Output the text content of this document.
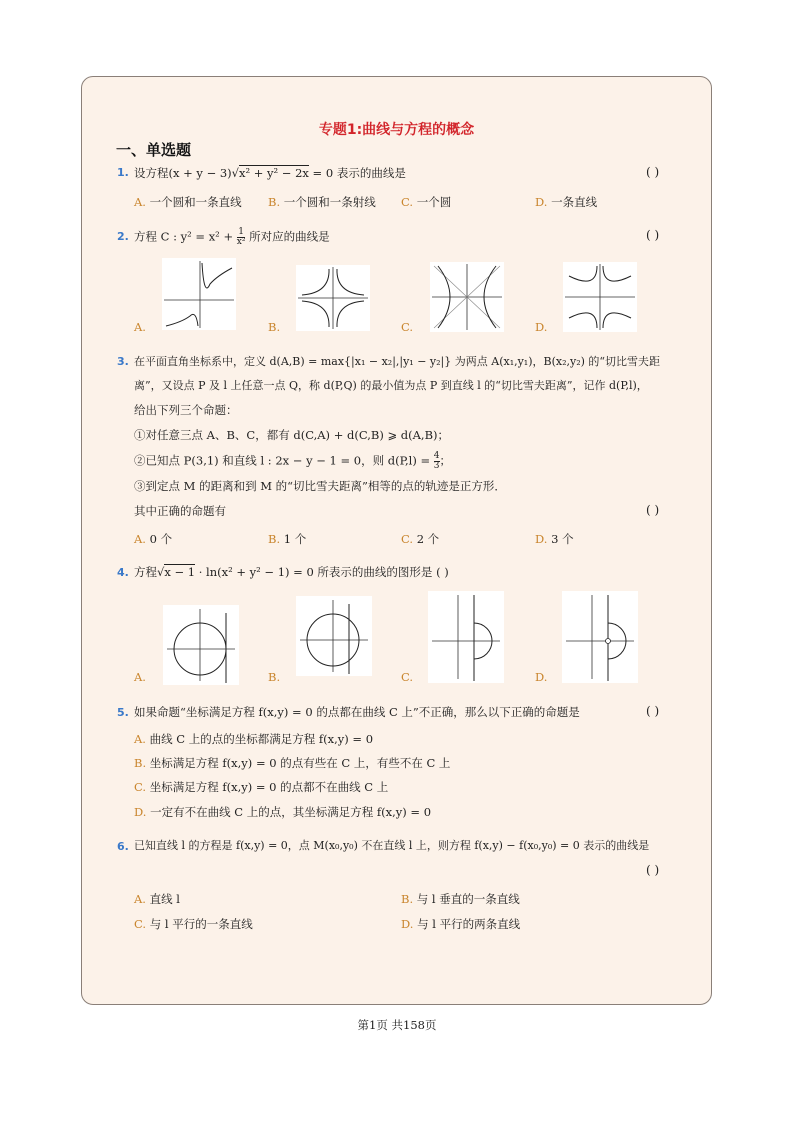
专题1:曲线与方程的概念
一、单选题
1. 设方程(x + y − 3)√x² + y² − 2x = 0 表示的曲线是	( )
A. 一个圆和一条直线 B. 一个圆和一条射线 C. 一个圆	D. 一条直线
2. 方程 C : $y^2 = x^2 + \frac{1}{\text{x²}}$ 所对应的曲线是	( )
A.	B.	C.	D.
3. 在平面直角坐标系中，定义 d(A,B) = max{|x₁ − x₂|,|y₁ − y₂|} 为两点 A(x₁,y₁)，B(x₂,y₂) 的“切比雪夫距
离”，又设点 P 及 l 上任意一点 Q，称 d(P,Q) 的最小值为点 P 到直线 l 的“切比雪夫距离”，记作 d(P,l)，
给出下列三个命题：
①对任意三点 A、B、C，都有 d(C,A) + d(C,B) ⩾ d(A,B)；
②已知点 P(3,1) 和直线 l : 2x − y − 1 = 0，则 $d(P,l) = \frac{4}{3}$ ；
③到定点 M 的距离和到 M 的“切比雪夫距离”相等的点的轨迹是正方形．
其中正确的命题有	( )
A. 0 个	B. 1 个	C. 2 个	D. 3 个
4. 方程√x − 1 · ln(x² + y² − 1) = 0 所表示的曲线的图形是 ( )
A.	B.	C.	D.
5. 如果命题“坐标满足方程 f(x,y) = 0 的点都在曲线 C 上”不正确，那么以下正确的命题是	( )
A. 曲线 C 上的点的坐标都满足方程 f(x,y) = 0
B. 坐标满足方程 f(x,y) = 0 的点有些在 C 上，有些不在 C 上
C. 坐标满足方程 f(x,y) = 0 的点都不在曲线 C 上
D. 一定有不在曲线 C 上的点，其坐标满足方程 f(x,y) = 0
6. 已知直线 l 的方程是 f(x,y) = 0，点 M(x₀,y₀) 不在直线 l 上，则方程 f(x,y) − f(x₀,y₀) = 0 表示的曲线是
( )
A. 直线 l	B. 与 l 垂直的一条直线
C. 与 l 平行的一条直线	D. 与 l 平行的两条直线
第1页 共158页
